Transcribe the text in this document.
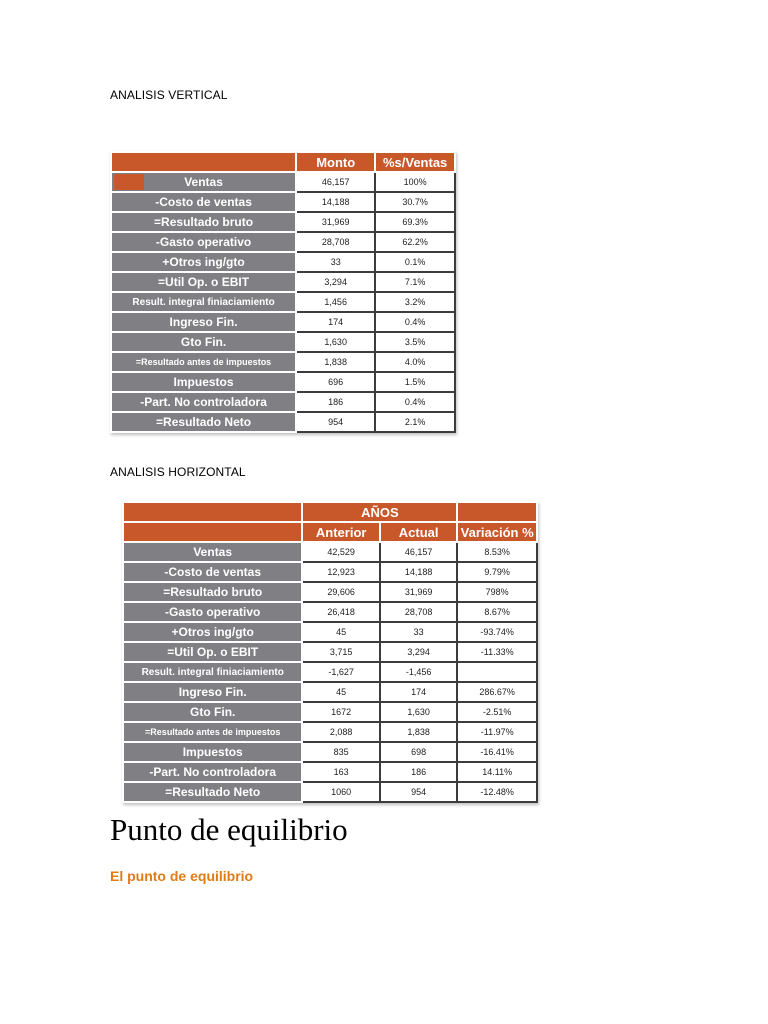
ANALISIS VERTICAL
	Monto	%s/Ventas

Ventas	46,157	100%
-Costo de ventas	14,188	30.7%
=Resultado bruto	31,969	69.3%
-Gasto operativo	28,708	62.2%
+Otros ing/gto	33	0.1%
=Util Op. o EBIT	3,294	7.1%
Result. integral finiaciamiento	1,456	3.2%
Ingreso Fin.	174	0.4%
Gto Fin.	1,630	3.5%
=Resultado antes de impuestos	1,838	4.0%
Impuestos	696	1.5%
-Part. No controladora	186	0.4%
=Resultado Neto	954	2.1%
ANALISIS HORIZONTAL
	AÑOS		
	Anterior	Actual	Variación %
Ventas	42,529	46,157	8.53%
-Costo de ventas	12,923	14,188	9.79%
=Resultado bruto	29,606	31,969	798%
-Gasto operativo	26,418	28,708	8.67%
+Otros ing/gto	45	33	-93.74%
=Util Op. o EBIT	3,715	3,294	-11.33%
Result. integral finiaciamiento	-1,627	-1,456	
Ingreso Fin.	45	174	286.67%
Gto Fin.	1672	1,630	-2.51%
=Resultado antes de impuestos	2,088	1,838	-11.97%
Impuestos	835	698	-16.41%
-Part. No controladora	163	186	14.11%
=Resultado Neto	1060	954	-12.48%
Punto de equilibrio
El punto de equilibrio
